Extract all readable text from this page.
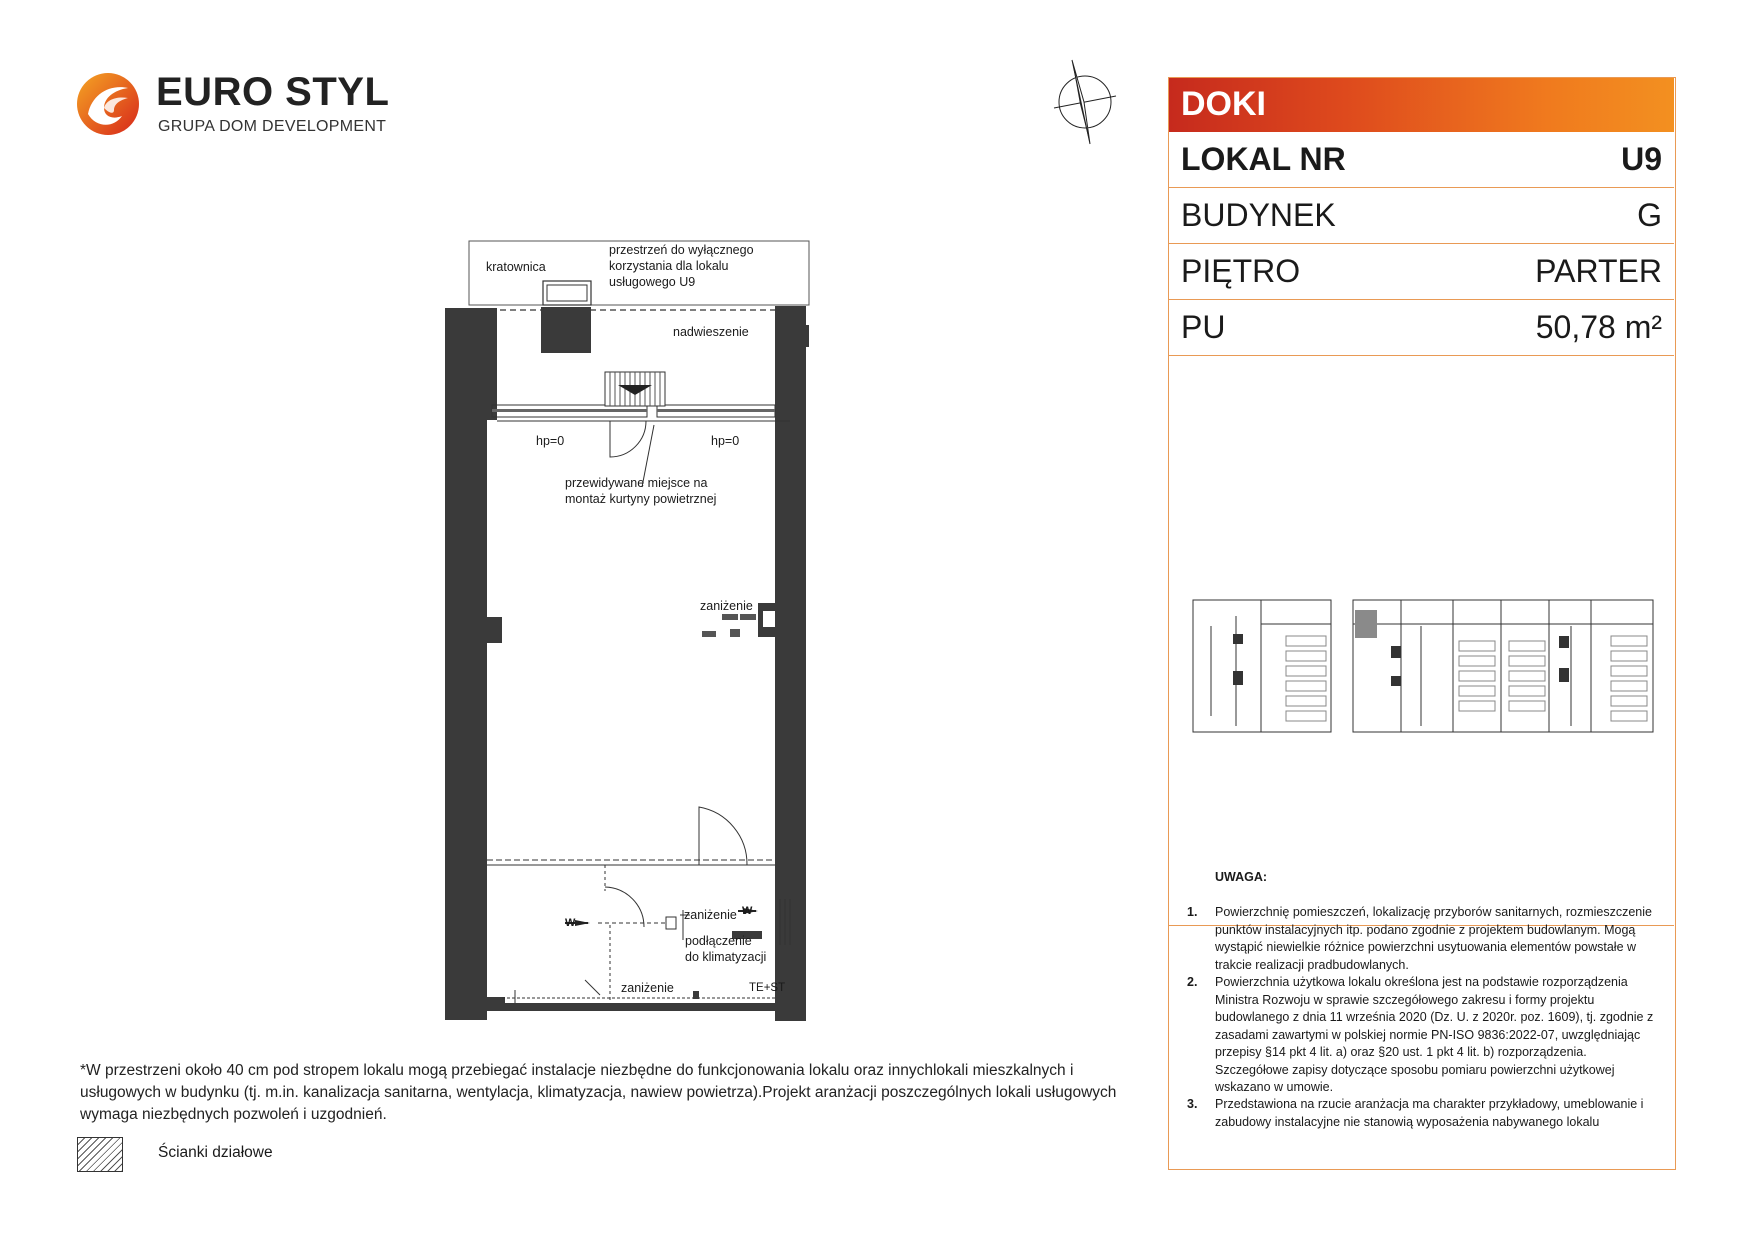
EURO STYL
GRUPA DOM DEVELOPMENT
kratownica
przestrzeń do wyłącznego
korzystania dla lokalu
usługowego U9
nadwieszenie
hp=0	hp=0
przewidywane miejsce na
montaż kurtyny powietrznej
zaniżenie
zaniżenie
podłączenie
do klimatyzacji
zaniżenie
W
W
TE+ST
DOKI
LOKAL NR	U9
BUDYNEK	G
PIĘTRO	PARTER
PU	50,78 m²
UWAGA:
1. Powierzchnię pomieszczeń, lokalizację przyborów sanitarnych, rozmieszczenie punktów instalacyjnych itp. podano zgodnie z projektem budowlanym. Mogą wystąpić niewielkie różnice powierzchni usytuowania elementów powstałe w trakcie realizacji pradbudowlanych.
2. Powierzchnia użytkowa lokalu określona jest na podstawie rozporządzenia Ministra Rozwoju w sprawie szczegółowego zakresu i formy projektu budowlanego z dnia 11 września 2020 (Dz. U. z 2020r. poz. 1609), tj. zgodnie z zasadami zawartymi w polskiej normie PN-ISO 9836:2022-07, uwzględniając przepisy §14 pkt 4 lit. a) oraz §20 ust. 1 pkt 4 lit. b) rozporządzenia. Szczegółowe zapisy dotyczące sposobu pomiaru powierzchni użytkowej wskazano w umowie.
3. Przedstawiona na rzucie aranżacja ma charakter przykładowy, umeblowanie i zabudowy instalacyjne nie stanowią wyposażenia nabywanego lokalu
*W przestrzeni około 40 cm pod stropem lokalu mogą przebiegać instalacje niezbędne do funkcjonowania lokalu oraz innychlokali mieszkalnych i usługowych w budynku (tj. m.in. kanalizacja sanitarna, wentylacja, klimatyzacja, nawiew powietrza).Projekt aranżacji poszczególnych lokali usługowych wymaga niezbędnych pozwoleń i uzgodnień.
Ścianki działowe
